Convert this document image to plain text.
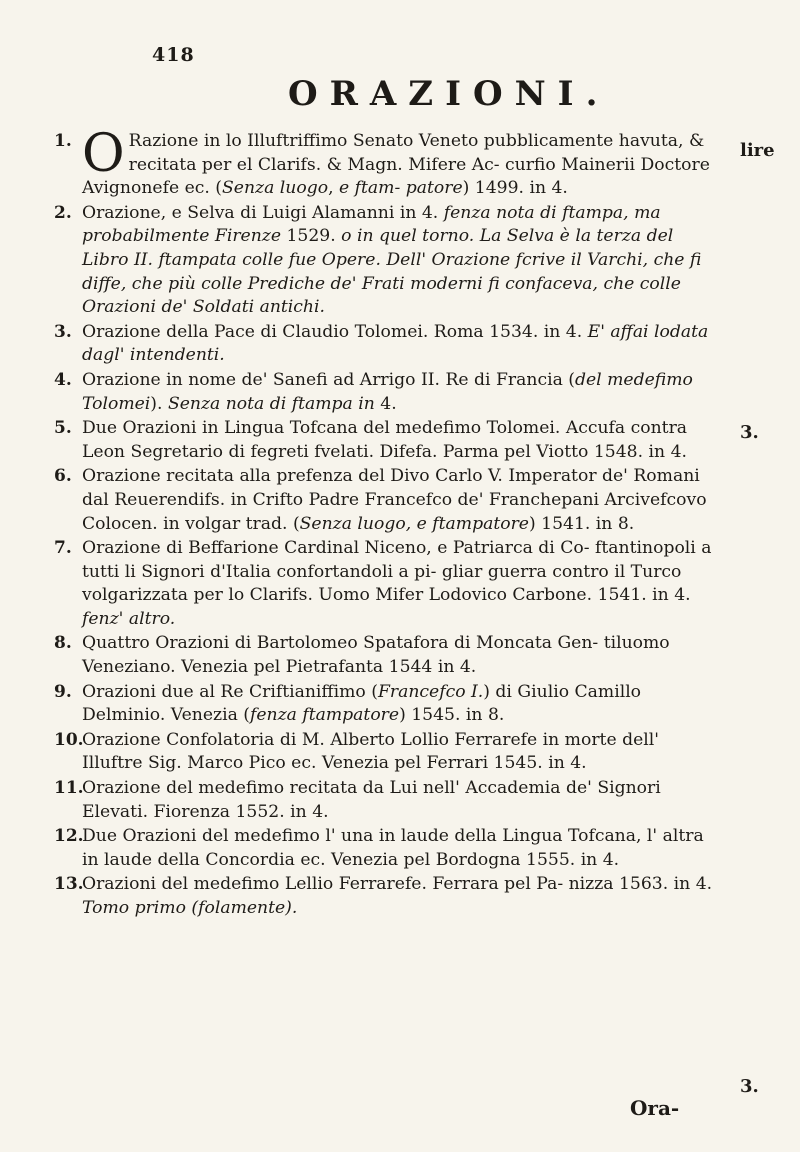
418
ORAZIONI.
lire
3.
3.
1. O Razione in lo Illuftriffimo Senato Veneto pubblicamente havuta, & recitata per el Clarifs. & Magn. Mifere Ac- curfio Mainerii Doctore Avignonefe ec. (Senza luogo, e ftam- patore) 1499. in 4.
2. Orazione, e Selva di Luigi Alamanni in 4. fenza nota di ftampa, ma probabilmente Firenze 1529. o in quel torno. La Selva è la terza del Libro II. ftampata colle fue Opere. Dell' Orazione fcrive il Varchi, che fi diffe, che più colle Prediche de' Frati moderni fi confaceva, che colle Orazioni de' Soldati antichi.
3. Orazione della Pace di Claudio Tolomei. Roma 1534. in 4. E' affai lodata dagl' intendenti.
4. Orazione in nome de' Sanefi ad Arrigo II. Re di Francia (del medefimo Tolomei). Senza nota di ftampa in 4.
5. Due Orazioni in Lingua Tofcana del medefimo Tolomei. Accufa contra Leon Segretario di fegreti fvelati. Difefa. Parma pel Viotto 1548. in 4.
6. Orazione recitata alla prefenza del Divo Carlo V. Imperator de' Romani dal Reuerendifs. in Crifto Padre Francefco de' Franchepani Arcivefcovo Colocen. in volgar trad. (Senza luogo, e ftampatore) 1541. in 8.
7. Orazione di Beffarione Cardinal Niceno, e Patriarca di Co- ftantinopoli a tutti li Signori d'Italia confortandoli a pi- gliar guerra contro il Turco volgarizzata per lo Clarifs. Uomo Mifer Lodovico Carbone. 1541. in 4. fenz' altro.
8. Quattro Orazioni di Bartolomeo Spatafora di Moncata Gen- tiluomo Veneziano. Venezia pel Pietrafanta 1544 in 4.
9. Orazioni due al Re Criftianiffimo (Francefco I.) di Giulio Camillo Delminio. Venezia (fenza ftampatore) 1545. in 8.
10.
Orazione Confolatoria di M. Alberto Lollio Ferrarefe in morte dell' Illuftre Sig. Marco Pico ec. Venezia pel Ferrari 1545. in 4.
11.
Orazione del medefimo recitata da Lui nell' Accademia de' Signori Elevati. Fiorenza 1552. in 4.
12.
Due Orazioni del medefimo l' una in laude della Lingua Tofcana, l' altra in laude della Concordia ec. Venezia pel Bordogna 1555. in 4.
13.
Orazioni del medefimo Lellio Ferrarefe. Ferrara pel Pa- nizza 1563. in 4. Tomo primo (folamente).
Ora-
